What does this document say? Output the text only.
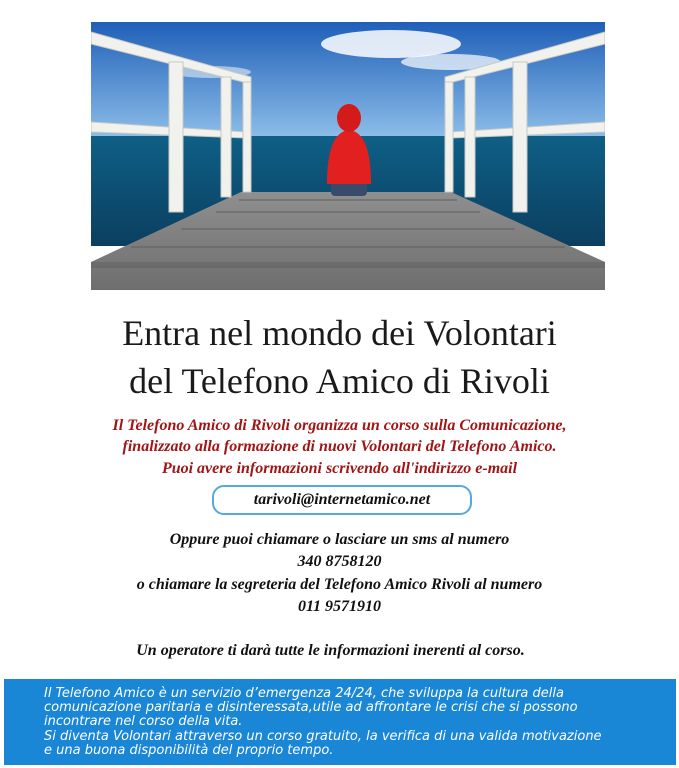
Entra nel mondo dei Volontari
del Telefono Amico di Rivoli
Il Telefono Amico di Rivoli organizza un corso sulla Comunicazione,
finalizzato alla formazione di nuovi Volontari del Telefono Amico.
Puoi avere informazioni scrivendo all'indirizzo e-mail
tarivoli@internetamico.net
Oppure puoi chiamare o lasciare un sms al numero
340 8758120
o chiamare la segreteria del Telefono Amico Rivoli al numero
011 9571910
Un operatore ti darà tutte le informazioni inerenti al corso.
Il Telefono Amico è un servizio d’emergenza 24/24, che sviluppa la cultura della
comunicazione paritaria e disinteressata,utile ad affrontare le crisi che si possono
incontrare nel corso della vita.
Si diventa Volontari attraverso un corso gratuito, la verifica di una valida motivazione
e una buona disponibilità del proprio tempo.
